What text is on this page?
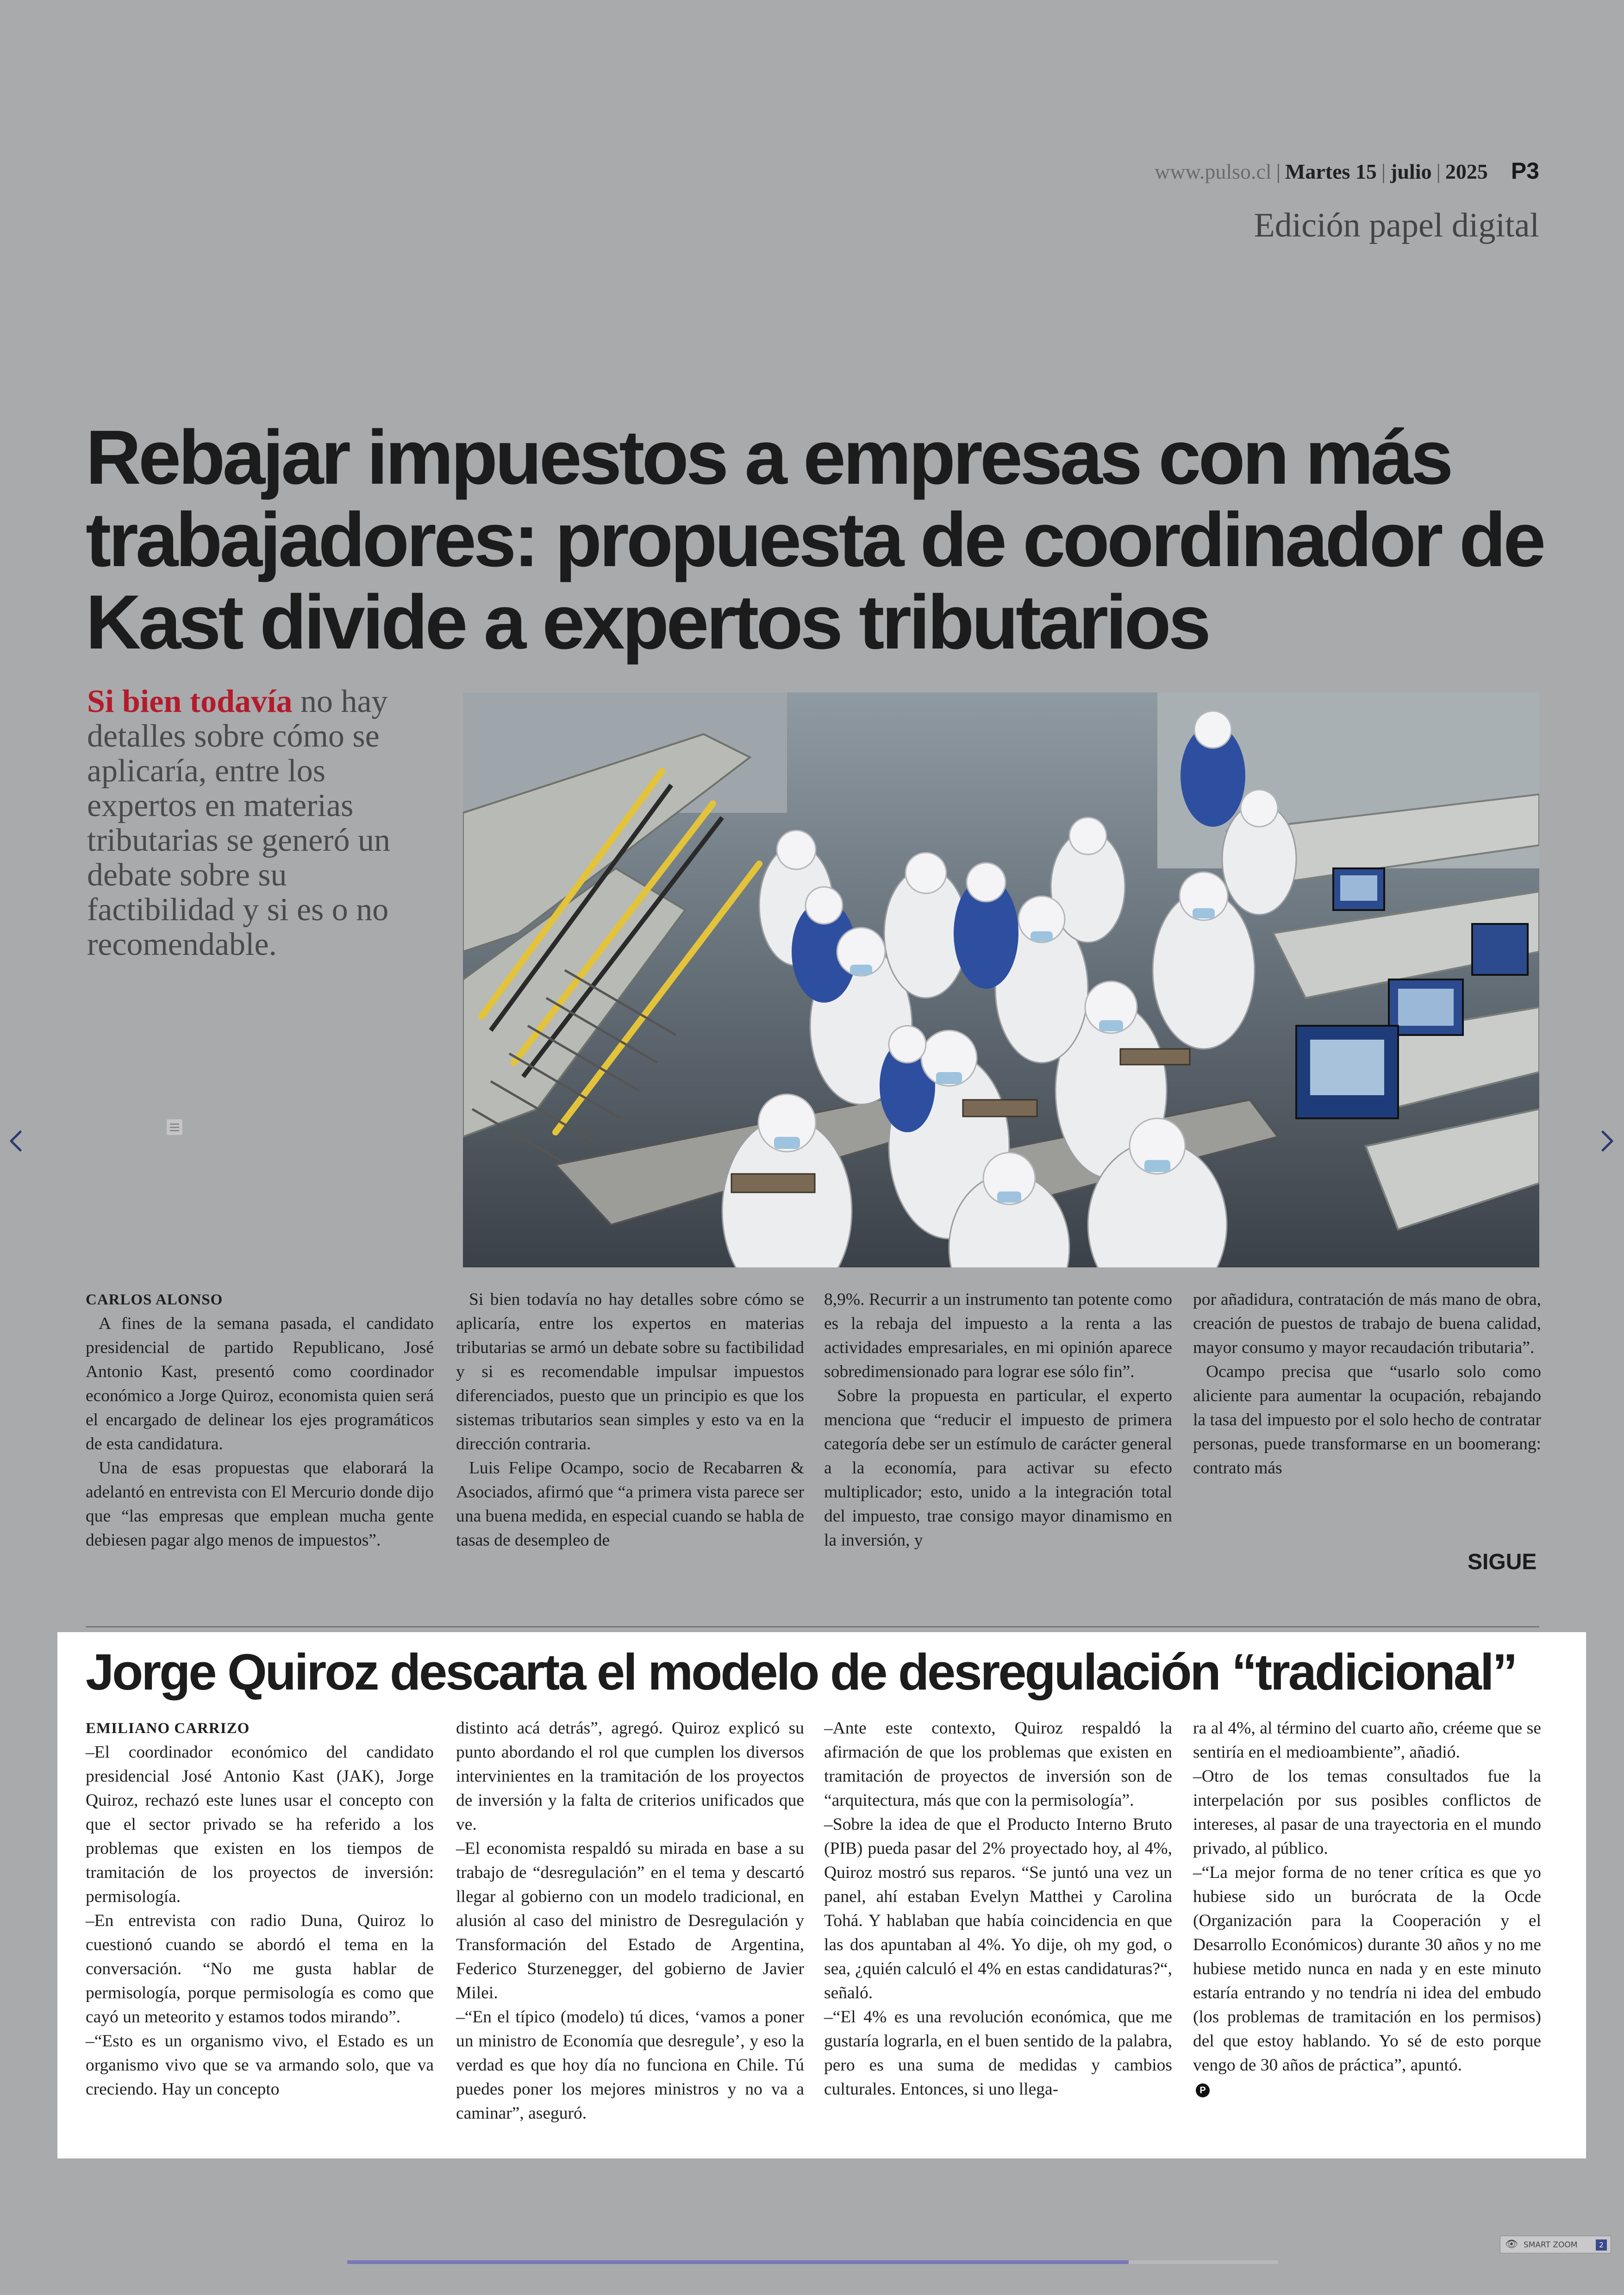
www.pulso.cl | Martes 15 | julio | 2025 P3
Edición papel digital
Rebajar impuestos a empresas con más trabajadores: propuesta de coordinador de Kast divide a expertos tributarios

Si bien todavía no hay detalles sobre cómo se aplicaría, entre los expertos en materias tributarias se generó un debate sobre su factibilidad y si es o no recomendable.

CARLOS ALONSO

A fines de la semana pasada, el candidato presidencial de partido Republicano, José Antonio Kast, presentó como coordinador económico a Jorge Quiroz, economista quien será el encargado de delinear los ejes programáticos de esta candidatura.

Una de esas propuestas que elaborará la adelantó en entrevista con El Mercurio donde dijo que “las empresas que emplean mucha gente debiesen pagar algo menos de impuestos”.

Si bien todavía no hay detalles sobre cómo se aplicaría, entre los expertos en materias tributarias se armó un debate sobre su factibilidad y si es recomendable impulsar impuestos diferenciados, puesto que un principio es que los sistemas tributarios sean simples y esto va en la dirección contraria.

Luis Felipe Ocampo, socio de Recabarren & Asociados, afirmó que “a primera vista parece ser una buena medida, en especial cuando se habla de tasas de desempleo de

8,9%. Recurrir a un instrumento tan potente como es la rebaja del impuesto a la renta a las actividades empresariales, en mi opinión aparece sobredimensionado para lograr ese sólo fin”.

Sobre la propuesta en particular, el experto menciona que “reducir el impuesto de primera categoría debe ser un estímulo de carácter general a la economía, para activar su efecto multiplicador; esto, unido a la integración total del impuesto, trae consigo mayor dinamismo en la inversión, y

por añadidura, contratación de más mano de obra, creación de puestos de trabajo de buena calidad, mayor consumo y mayor recaudación tributaria”.

Ocampo precisa que “usarlo solo como aliciente para aumentar la ocupación, rebajando la tasa del impuesto por el solo hecho de contratar personas, puede transformarse en un boomerang: contrato más

SIGUE
Jorge Quiroz descarta el modelo de desregulación “tradicional”

EMILIANO CARRIZO

–El coordinador económico del candidato presidencial José Antonio Kast (JAK), Jorge Quiroz, rechazó este lunes usar el concepto con que el sector privado se ha referido a los problemas que existen en los tiempos de tramitación de los proyectos de inversión: permisología.

–En entrevista con radio Duna, Quiroz lo cuestionó cuando se abordó el tema en la conversación. “No me gusta hablar de permisología, porque permisología es como que cayó un meteorito y estamos todos mirando”.

–“Esto es un organismo vivo, el Estado es un organismo vivo que se va armando solo, que va creciendo. Hay un concepto

distinto acá detrás”, agregó. Quiroz explicó su punto abordando el rol que cumplen los diversos intervinientes en la tramitación de los proyectos de inversión y la falta de criterios unificados que ve.

–El economista respaldó su mirada en base a su trabajo de “desregulación” en el tema y descartó llegar al gobierno con un modelo tradicional, en alusión al caso del ministro de Desregulación y Transformación del Estado de Argentina, Federico Sturzenegger, del gobierno de Javier Milei.

–“En el típico (modelo) tú dices, ‘vamos a poner un ministro de Economía que desregule’, y eso la verdad es que hoy día no funciona en Chile. Tú puedes poner los mejores ministros y no va a caminar”, aseguró.

–Ante este contexto, Quiroz respaldó la afirmación de que los problemas que existen en tramitación de proyectos de inversión son de “arquitectura, más que con la permisología”.

–Sobre la idea de que el Producto Interno Bruto (PIB) pueda pasar del 2% proyectado hoy, al 4%, Quiroz mostró sus reparos. “Se juntó una vez un panel, ahí estaban Evelyn Matthei y Carolina Tohá. Y hablaban que había coincidencia en que las dos apuntaban al 4%. Yo dije, oh my god, o sea, ¿quién calculó el 4% en estas candidaturas?“, señaló.

–“El 4% es una revolución económica, que me gustaría lograrla, en el buen sentido de la palabra, pero es una suma de medidas y cambios culturales. Entonces, si uno llega-

ra al 4%, al término del cuarto año, créeme que se sentiría en el medioambiente”, añadió.

–Otro de los temas consultados fue la interpelación por sus posibles conflictos de intereses, al pasar de una trayectoria en el mundo privado, al público.

–“La mejor forma de no tener crítica es que yo hubiese sido un burócrata de la Ocde (Organización para la Cooperación y el Desarrollo Económicos) durante 30 años y no me hubiese metido nunca en nada y en este minuto estaría entrando y no tendría ni idea del embudo (los problemas de tramitación en los permisos) del que estoy hablando. Yo sé de esto porque vengo de 30 años de práctica”, apuntó.

P
👁 SMART ZOOM	2
